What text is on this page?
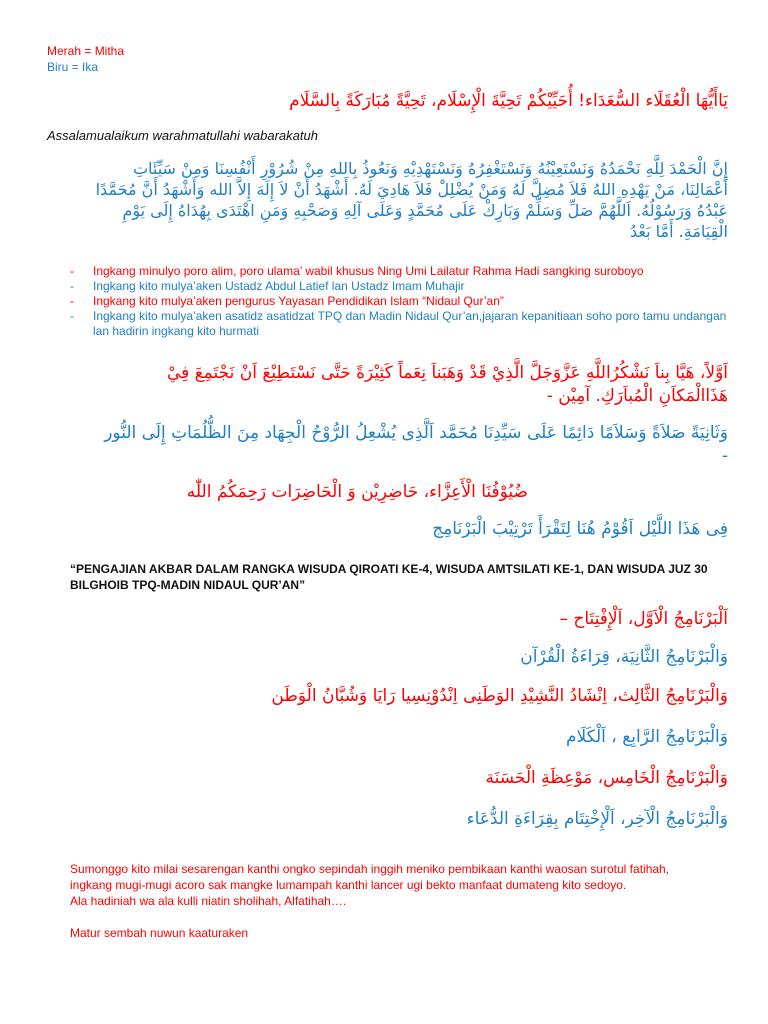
Merah = Mitha
Biru = Ika
يَاأَيُّهَا الْعُقَلَاء السُّعَدَاء! أُحَيِّيْكُمْ تَحِيَّةَ الْإِسْلَام، تَحِيَّةً مُبَارَكَةً بِالسَّلَام
Assalamualaikum warahmatullahi wabarakatuh
إِنَّ الْحَمْدَ لِلَّهِ نَحْمَدُهُ وَنَسْتَعِيْنُهُ وَنَسْتَغْفِرُهُ وَنَسْتَهْدِيْهِ وَنَعُوذُ بِاللهِ مِنْ شُرُوْرِ أَنْفُسِنَا وَمِنْ سَيِّئَاتِ أَعْمَالِنَا، مَنْ يَهْدِهِ اللهُ فَلاَ مُضِلَّ لَهُ وَمَنْ يُضْلِلْ فَلاَ هَادِيَ لَهُ. أَشْهَدُ أَنْ لاَ إِلَهَ إِلاَّ الله وَأَشْهَدُ أَنَّ مُحَمَّدًا عَبْدُهُ وَرَسُوْلُهُ. اَللَّهُمَّ صَلِّ وَسَلِّمْ وَبَارِكْ عَلَى مُحَمَّدٍ وَعَلَى آلِهِ وَصَحْبِهِ وَمَنِ اهْتَدَى بِهُدَاهُ إِلَى يَوْمِ الْقِيَامَةِ. أَمَّا بَعْدُ
- Ingkang minulyo poro alim, poro ulama’ wabil khusus Ning Umi Lailatur Rahma Hadi sangking suroboyo
- Ingkang kito mulya’aken Ustadz Abdul Latief lan Ustadz Imam Muhajir
- Ingkang kito mulya’aken pengurus Yayasan Pendidikan Islam “Nidaul Qur’an”
- Ingkang kito mulya’aken asatidz asatidzat TPQ dan Madin Nidaul Qur’an,jajaran kepanitiaan soho poro tamu undangan lan hadirin ingkang kito hurmati
اَوَّلاً، هَيَّا بِناَ نَشْكُرُاللَّهِ عَزَّوَجَلَّ الَّذِيْ قَدْ وَهَبَناَ نِعَماً كَثِيْرَةً حَتَّى نَسْتَطِيْعَ اَنْ نَجْتَمِعَ فِيْ هَذَاالْمَكاَنِ الْمُباَرَكِ. آمِيْن -
وَثَانِيَةً صَلاَةً وَسَلاَمًا دَائِمًا عَلَى سَيِّدِنَا مُحَمَّد اَلَّذِى يُشْعِلُ الرُّوْحُ الْجِهَاد مِنَ الظُّلُمَاتِ إِلَى النُّور -
ضُيُوْفُنَا الْأَعِزَّاء، حَاضِرِيْن وَ الْحَاضِرَات رَحِمَكُمُ اللّٰه
فِى هَذَا اللَّيْل اَقُوْمُ هُنَا لِتَقْرَأَ تَرْتِيْبَ الْبَرْنَامِج
“PENGAJIAN AKBAR DALAM RANGKA WISUDA QIROATI KE-4, WISUDA AMTSILATI KE-1, DAN WISUDA JUZ 30 BILGHOIB TPQ-MADIN NIDAUL QUR’AN”
اَلْبَرْنَامِجُ الْاَوَّل، اَلْإِفْتِتَاح –
وَالْبَرْنَامِجُ الثَّانِيَة، قِرَاءَةُ الْقُرْآن
وَالْبَرْنَامِجُ الثَّالِث، اِنْشَادُ النَّشِيْدِ الوَطَنِى اِنْدُوْنِسِيا رَايَا وَشُبَّانُ الْوَطَن
وَالْبَرْنَامِجُ الرَّابِع ، اَلْكَلَام
وَالْبَرْنَامِجُ الْخَامِس، مَوْعِظَةِ الْحَسَنَة
وَالْبَرْنَامِجُ الْآخِر، اَلْإِخْتِتَام بِقِرَاءَةِ الدُّعَاء

Sumonggo kito milai sesarengan kanthi ongko sepindah inggih meniko pembikaan kanthi waosan surotul fatihah,

ingkang mugi-mugi acoro sak mangke lumampah kanthi lancer ugi bekto manfaat dumateng kito sedoyo.

Ala hadiniah wa ala kulli niatin sholihah, Alfatihah….

Matur sembah nuwun kaaturaken
